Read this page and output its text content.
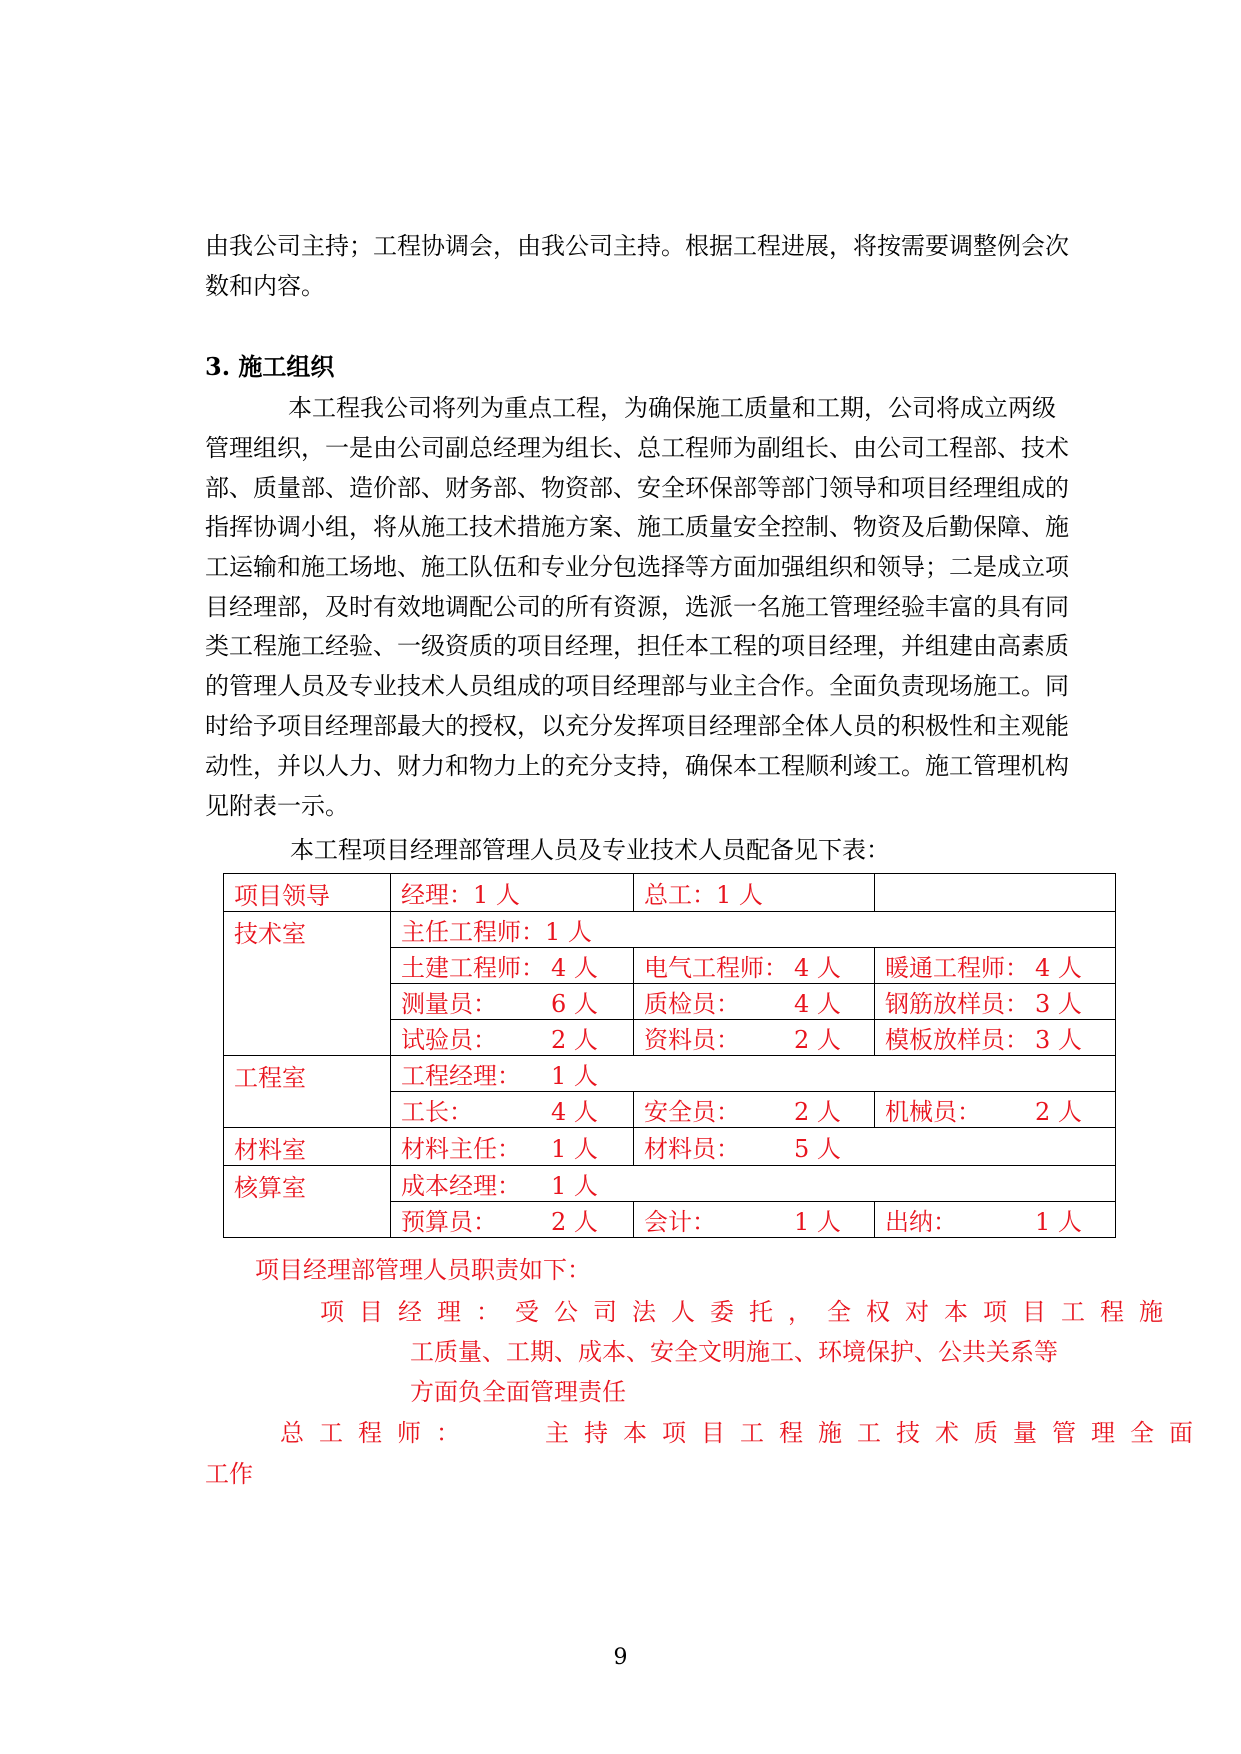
由我公司主持；工程协调会，由我公司主持。根据工程进展，将按需要调整例会次
数和内容。
3. 施工组织
本工程我公司将列为重点工程，为确保施工质量和工期，公司将成立两级
管理组织，一是由公司副总经理为组长、总工程师为副组长、由公司工程部、技术
部、质量部、造价部、财务部、物资部、安全环保部等部门领导和项目经理组成的
指挥协调小组，将从施工技术措施方案、施工质量安全控制、物资及后勤保障、施
工运输和施工场地、施工队伍和专业分包选择等方面加强组织和领导；二是成立项
目经理部，及时有效地调配公司的所有资源，选派一名施工管理经验丰富的具有同
类工程施工经验、一级资质的项目经理，担任本工程的项目经理，并组建由高素质
的管理人员及专业技术人员组成的项目经理部与业主合作。全面负责现场施工。同
时给予项目经理部最大的授权，以充分发挥项目经理部全体人员的积极性和主观能
动性，并以人力、财力和物力上的充分支持，确保本工程顺利竣工。施工管理机构
见附表一示。
本工程项目经理部管理人员及专业技术人员配备见下表：
项目领导	经理：1 人	总工：1 人	
技术室	主任工程师：1 人		

	土建工程师： 4 人	电气工程师： 4 人	暖通工程师： 4 人

	测量员： 6 人	质检员： 4 人	钢筋放样员： 3 人

	试验员： 2 人	资料员： 2 人	模板放样员： 3 人

工程室	工程经理： 1 人		

	工长： 4 人	安全员： 2 人	机械员： 2 人

材料室	材料主任： 1 人	材料员： 5 人	

核算室	成本经理： 1 人		

	预算员： 2 人	会计： 1 人	出纳： 1 人
项目经理部管理人员职责如下：
项目经理：受公司法人委托，全权对本项目工程施
工质量、工期、成本、安全文明施工、环境保护、公共关系等
方面负全面管理责任
总工程师：	主持本项目工程施工技术质量管理全面
工作
9
